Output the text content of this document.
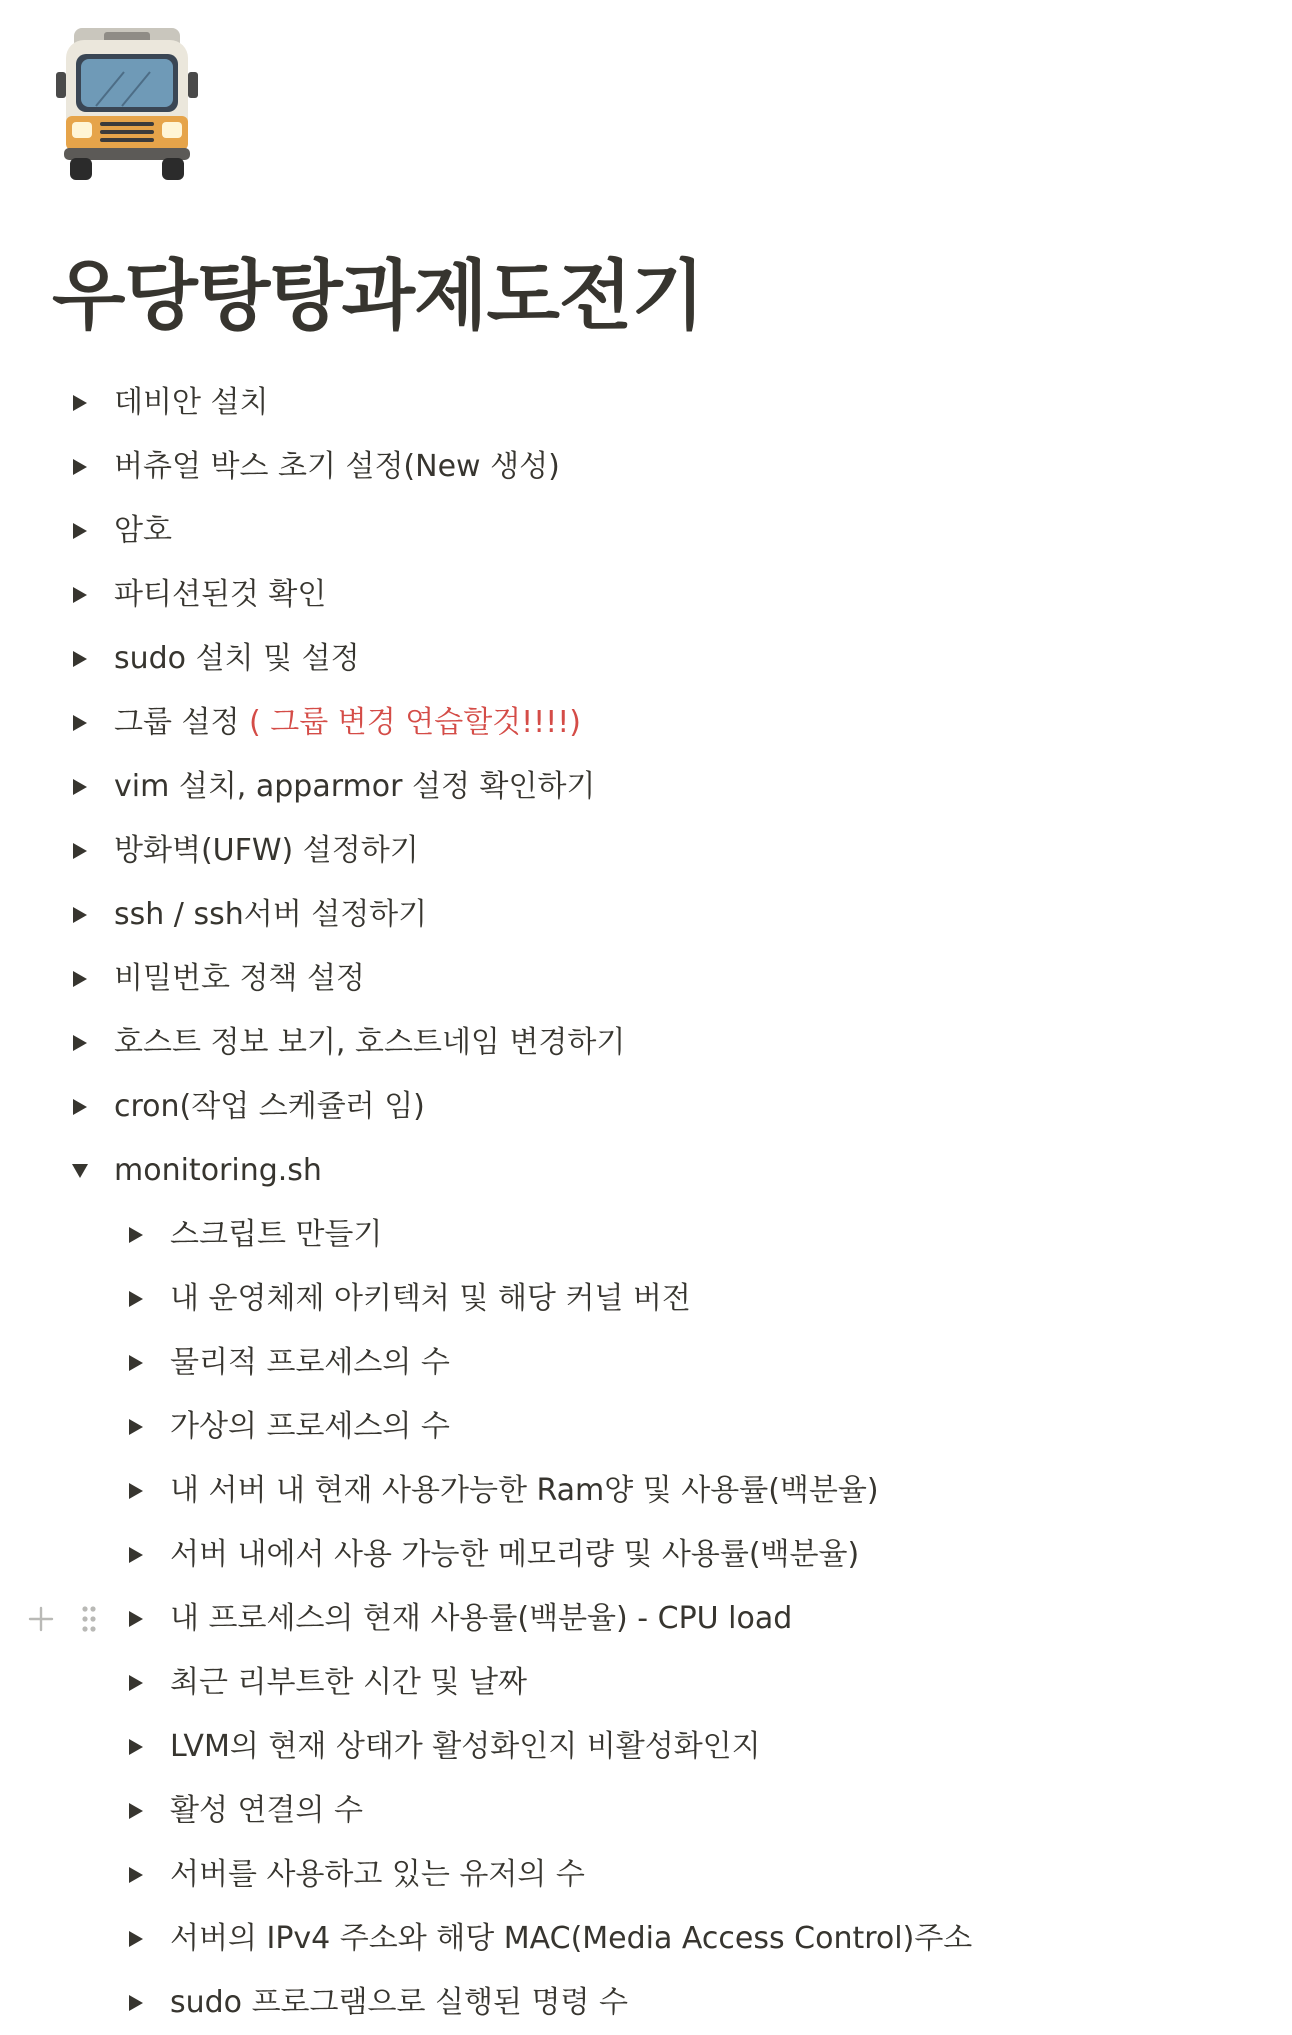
우당탕탕과제도전기
데비안 설치
버츄얼 박스 초기 설정(New 생성)
암호
파티션된것 확인
sudo 설치 및 설정
그룹 설정 ( 그룹 변경 연습할것!!!!)
vim 설치, apparmor 설정 확인하기
방화벽(UFW) 설정하기
ssh / ssh서버 설정하기
비밀번호 정책 설정
호스트 정보 보기, 호스트네임 변경하기
cron(작업 스케쥴러 임)
monitoring.sh
스크립트 만들기
내 운영체제 아키텍처 및 해당 커널 버전
물리적 프로세스의 수
가상의 프로세스의 수
내 서버 내 현재 사용가능한 Ram양 및 사용률(백분율)
서버 내에서 사용 가능한 메모리량 및 사용률(백분율)
내 프로세스의 현재 사용률(백분율) - CPU load
최근 리부트한 시간 및 날짜
LVM의 현재 상태가 활성화인지 비활성화인지
활성 연결의 수
서버를 사용하고 있는 유저의 수
서버의 IPv4 주소와 해당 MAC(Media Access Control)주소
sudo 프로그램으로 실행된 명령 수
